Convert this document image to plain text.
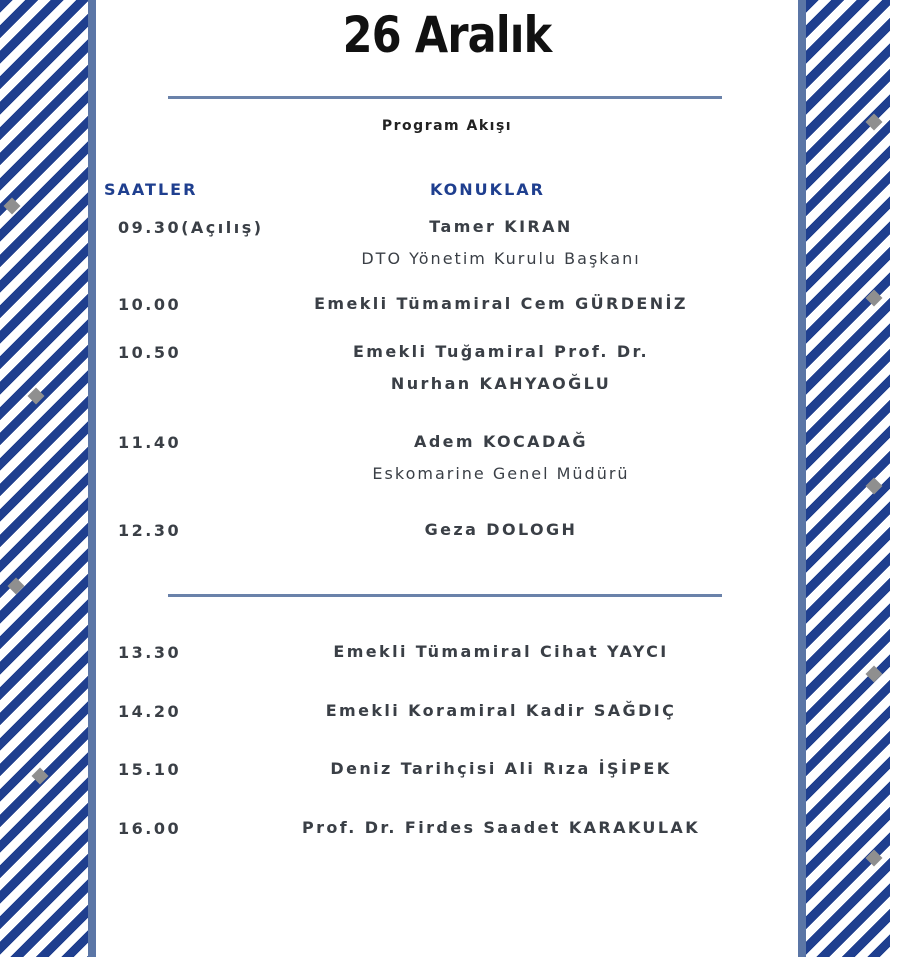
26 Aralık
Program Akışı
SAATLER	KONUKLAR
09.30(Açılış)	Tamer KIRAN
DTO Yönetim Kurulu Başkanı
10.00	Emekli Tümamiral Cem GÜRDENİZ
10.50	Emekli Tuğamiral Prof. Dr.
Nurhan KAHYAOĞLU
11.40	Adem KOCADAĞ
Eskomarine Genel Müdürü
12.30	Geza DOLOGH
13.30	Emekli Tümamiral Cihat YAYCI
14.20	Emekli Koramiral Kadir SAĞDIÇ
15.10	Deniz Tarihçisi Ali Rıza İŞİPEK
16.00	Prof. Dr. Firdes Saadet KARAKULAK
